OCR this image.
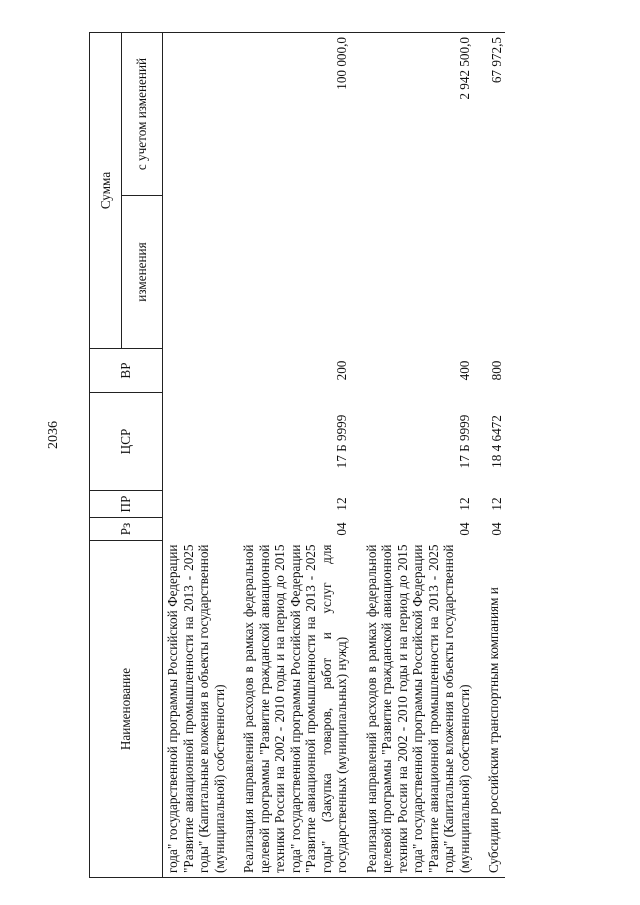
2036
Наименование	Рз	ПР	ЦСР	ВР	Сумма	
					изменения	с учетом изменений
года" государственной программы Российской Федерации "Развитие авиационной промышленности на 2013 - 2025 годы" (Капитальные вложения в объекты государственной (муниципальной) собственности)						
Реализация направлений расходов в рамках федеральной целевой программы "Развитие гражданской авиационной техники России на 2002 - 2010 годы и на период до 2015 года" государственной программы Российской Федерации "Развитие авиационной промышленности на 2013 - 2025 годы" (Закупка товаров, работ и услуг для государственных (муниципальных) нужд)	04	12	17 Б 9999	200		100 000,0
Реализация направлений расходов в рамках федеральной целевой программы "Развитие гражданской авиационной техники России на 2002 - 2010 годы и на период до 2015 года" государственной программы Российской Федерации "Развитие авиационной промышленности на 2013 - 2025 годы" (Капитальные вложения в объекты государственной (муниципальной) собственности)	04	12	17 Б 9999	400		2 942 500,0
Субсидии российским транспортным компаниям и	04	12	18 4 6472	800		67 972,5
